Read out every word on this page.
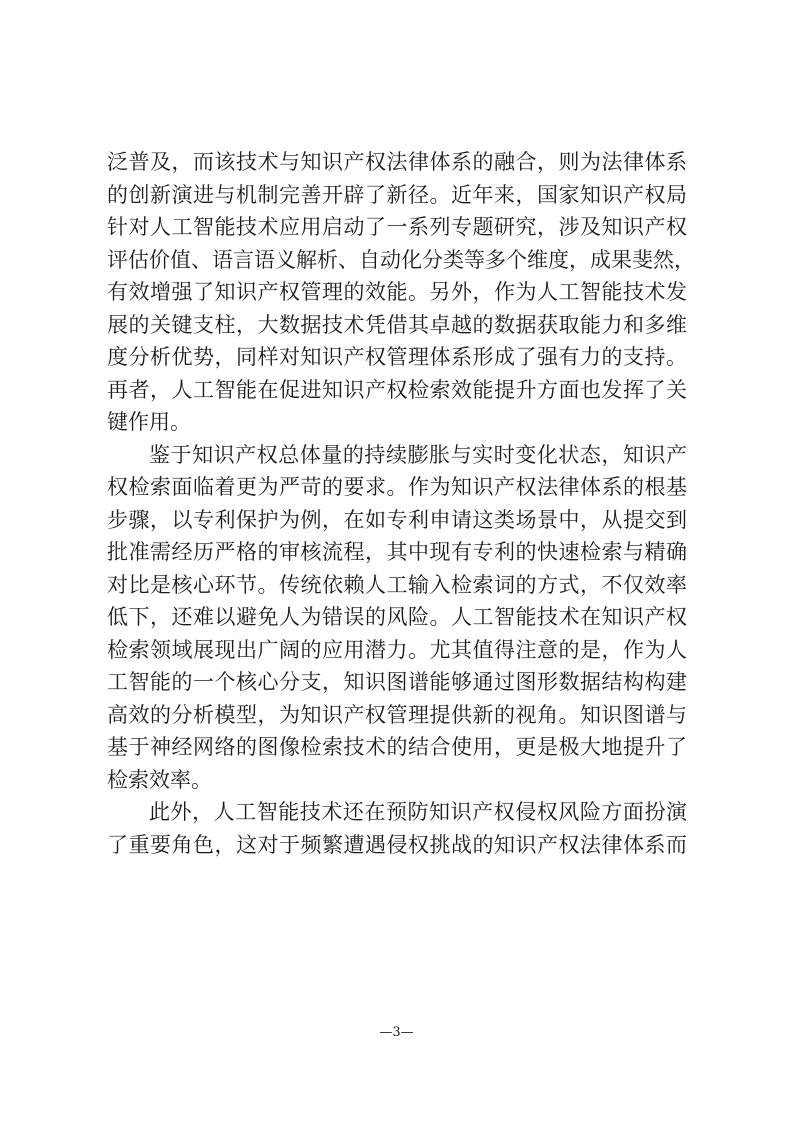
泛普及，而该技术与知识产权法律体系的融合，则为法律体系
的创新演进与机制完善开辟了新径。近年来，国家知识产权局
针对人工智能技术应用启动了一系列专题研究，涉及知识产权
评估价值、语言语义解析、自动化分类等多个维度，成果斐然，
有效增强了知识产权管理的效能。另外，作为人工智能技术发
展的关键支柱，大数据技术凭借其卓越的数据获取能力和多维
度分析优势，同样对知识产权管理体系形成了强有力的支持。
再者，人工智能在促进知识产权检索效能提升方面也发挥了关
键作用。
鉴于知识产权总体量的持续膨胀与实时变化状态，知识产
权检索面临着更为严苛的要求。作为知识产权法律体系的根基
步骤，以专利保护为例，在如专利申请这类场景中，从提交到
批准需经历严格的审核流程，其中现有专利的快速检索与精确
对比是核心环节。传统依赖人工输入检索词的方式，不仅效率
低下，还难以避免人为错误的风险。人工智能技术在知识产权
检索领域展现出广阔的应用潜力。尤其值得注意的是，作为人
工智能的一个核心分支，知识图谱能够通过图形数据结构构建
高效的分析模型，为知识产权管理提供新的视角。知识图谱与
基于神经网络的图像检索技术的结合使用，更是极大地提升了
检索效率。
此外，人工智能技术还在预防知识产权侵权风险方面扮演
了重要角色，这对于频繁遭遇侵权挑战的知识产权法律体系而
—3—
